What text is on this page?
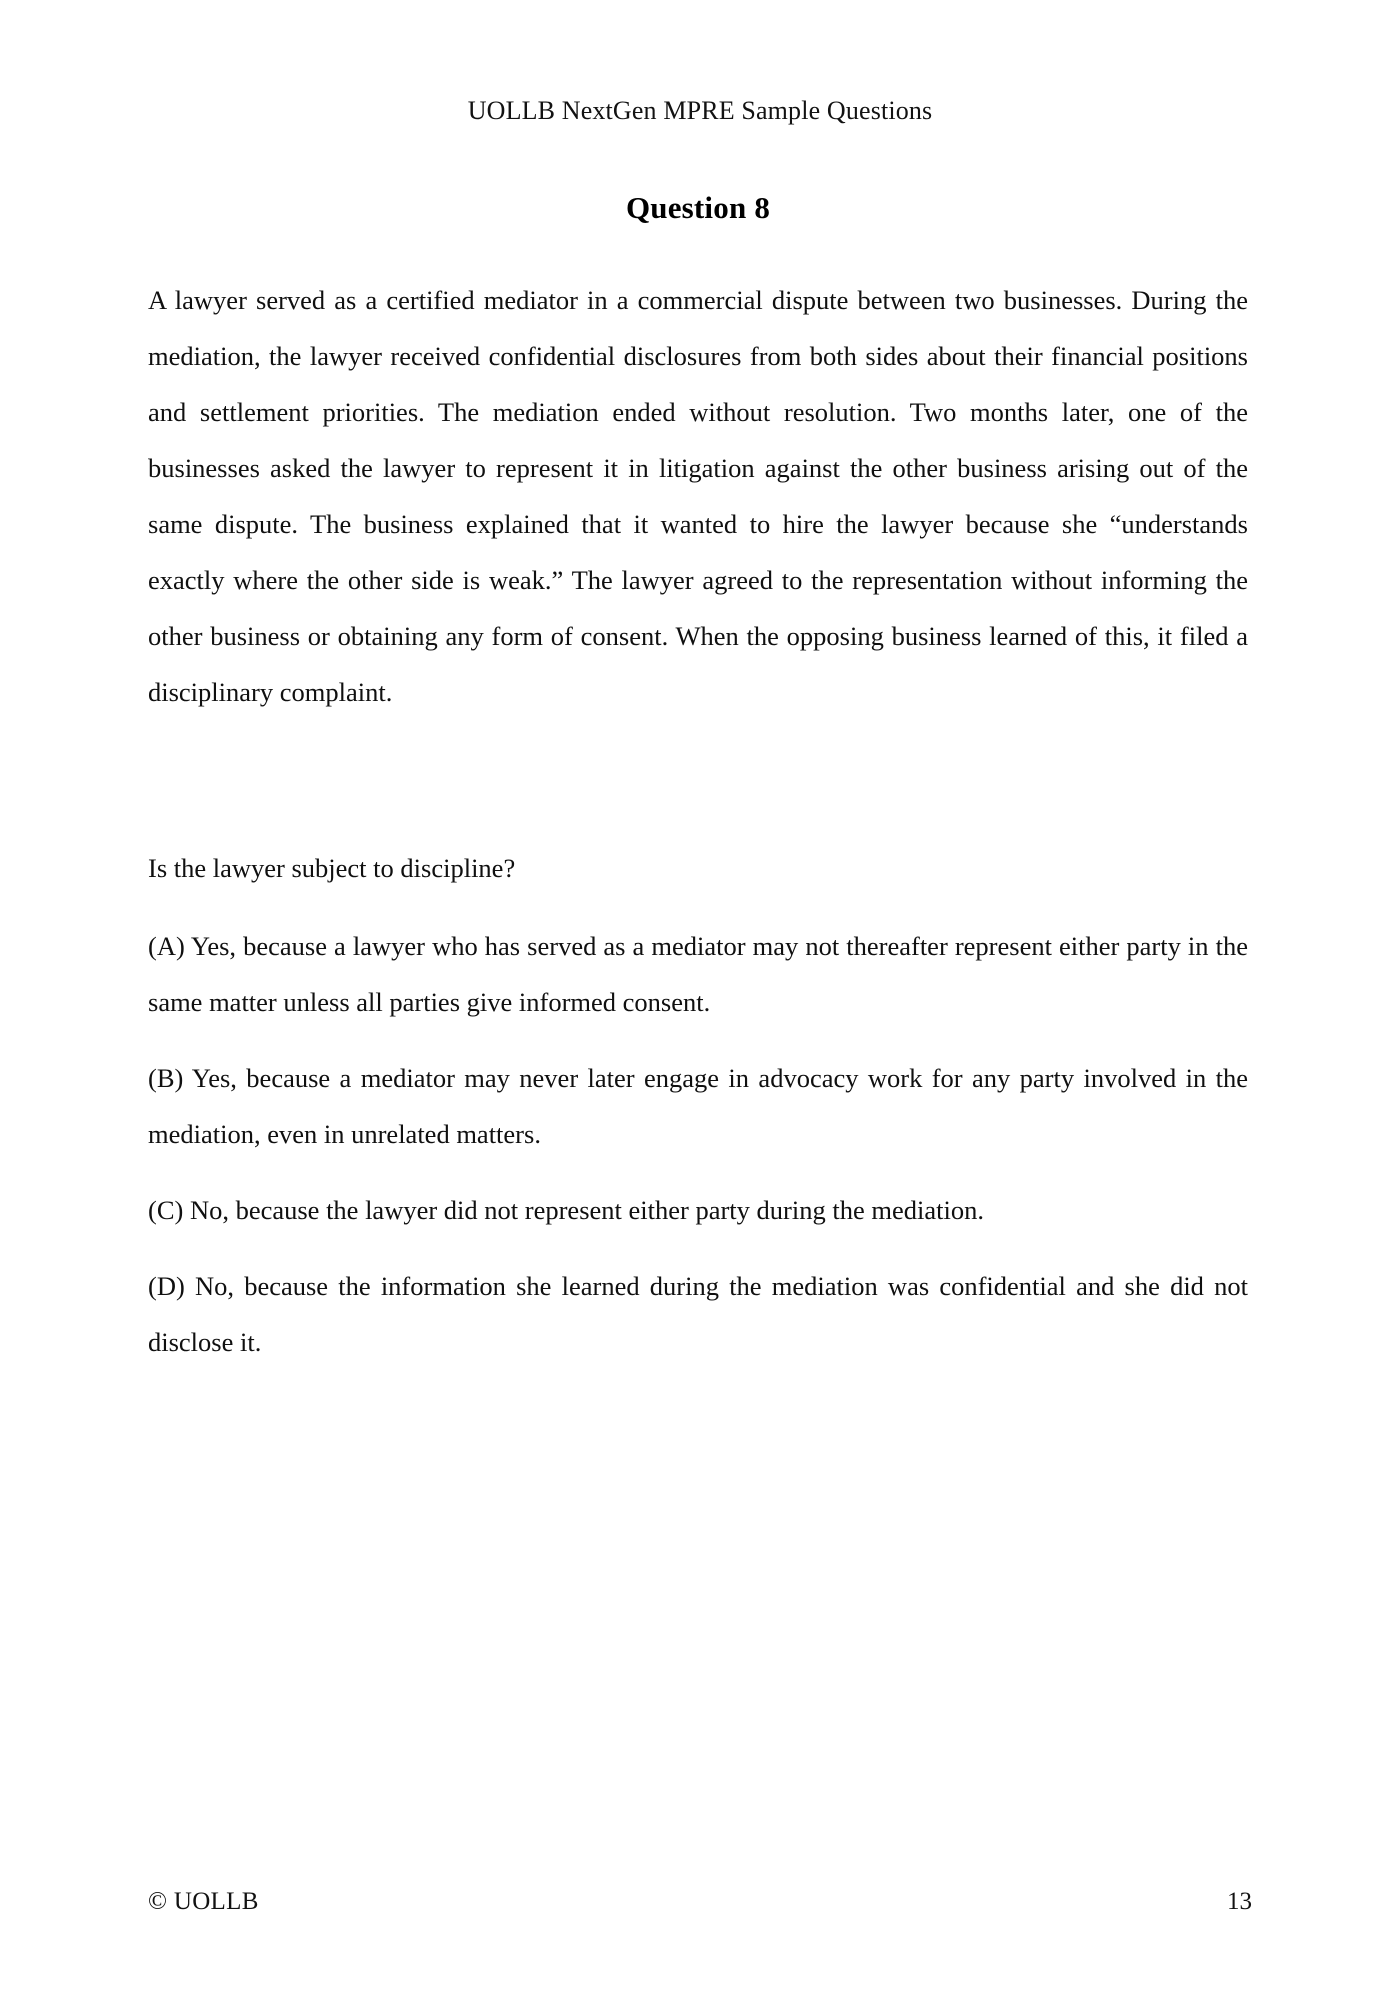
UOLLB NextGen MPRE Sample Questions
Question 8

A lawyer served as a certified mediator in a commercial dispute between two businesses. During the mediation, the lawyer received confidential disclosures from both sides about their financial positions and settlement priorities. The mediation ended without resolution. Two months later, one of the businesses asked the lawyer to represent it in litigation against the other business arising out of the same dispute. The business explained that it wanted to hire the lawyer because she “understands exactly where the other side is weak.” The lawyer agreed to the representation without informing the other business or obtaining any form of consent. When the opposing business learned of this, it filed a disciplinary complaint.

Is the lawyer subject to discipline?

(A) Yes, because a lawyer who has served as a mediator may not thereafter represent either party in the same matter unless all parties give informed consent.
(B) Yes, because a mediator may never later engage in advocacy work for any party involved in the mediation, even in unrelated matters.
(C) No, because the lawyer did not represent either party during the mediation.
(D) No, because the information she learned during the mediation was confidential and she did not disclose it.
© UOLLB	13
